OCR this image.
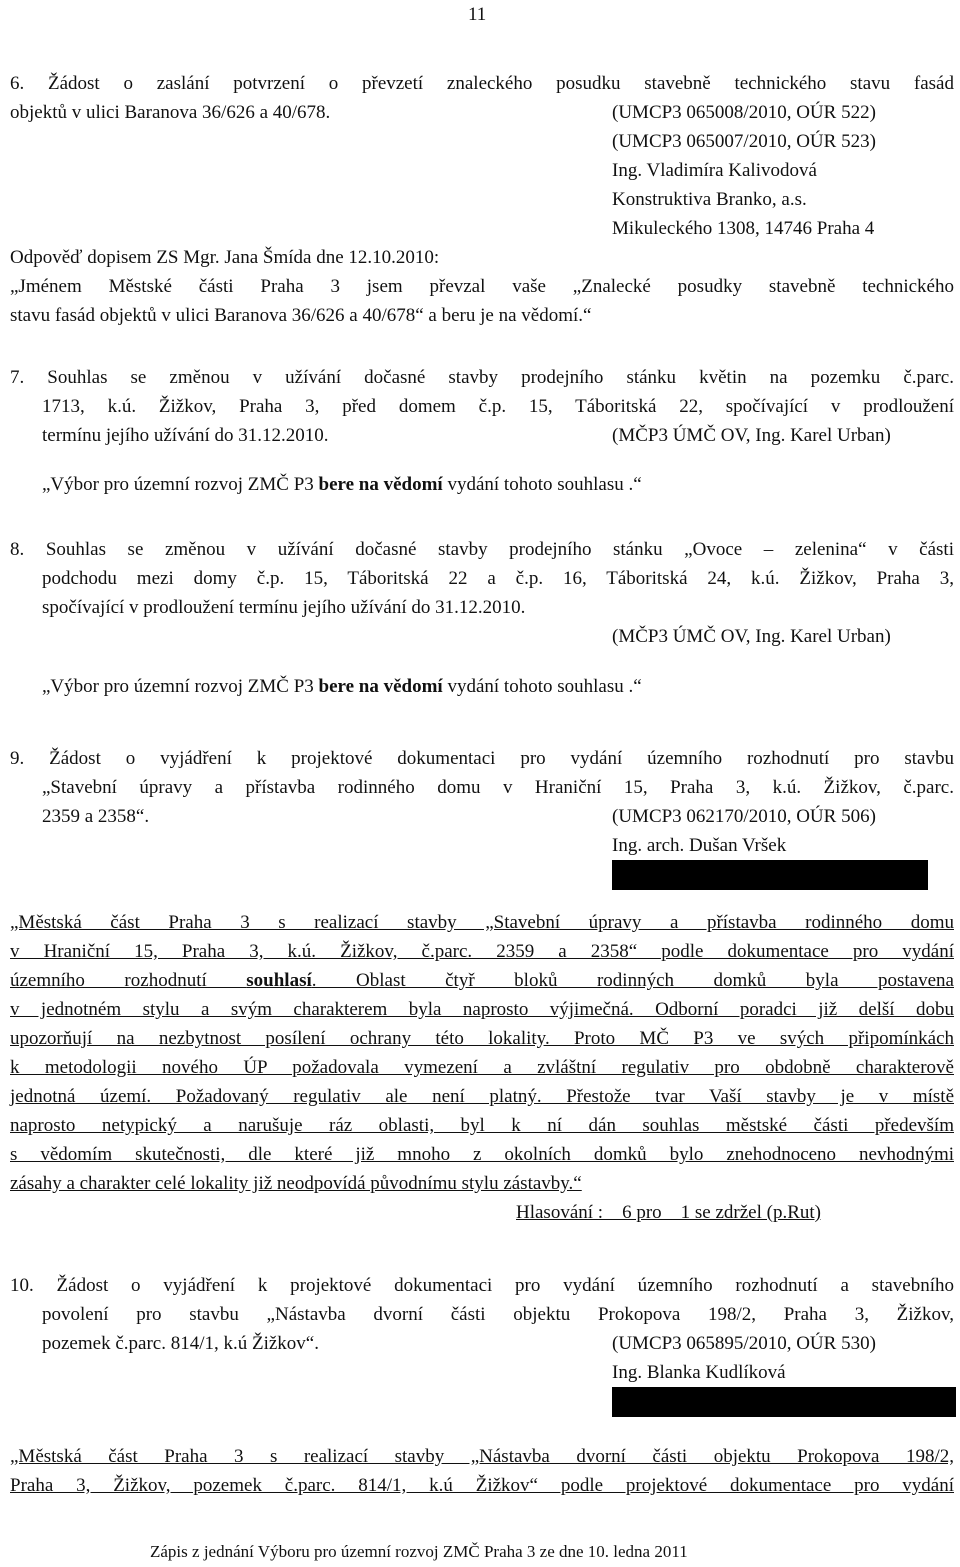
11
6. Žádost o zaslání potvrzení o převzetí znaleckého posudku stavebně technického stavu fasád
objektů v ulici Baranova 36/626 a 40/678.	(UMCP3 065008/2010, OÚR 522)
(UMCP3 065007/2010, OÚR 523)
Ing. Vladimíra Kalivodová
Konstruktiva Branko, a.s.
Mikuleckého 1308, 14746 Praha 4
Odpověď dopisem ZS Mgr. Jana Šmída dne 12.10.2010:
„Jménem Městské části Praha 3 jsem převzal vaše „Znalecké posudky stavebně technického
stavu fasád objektů v ulici Baranova 36/626 a 40/678“ a beru je na vědomí.“
7. Souhlas se změnou v užívání dočasné stavby prodejního stánku květin na pozemku č.parc.
1713, k.ú. Žižkov, Praha 3, před domem č.p. 15, Táboritská 22, spočívající v prodloužení
termínu jejího užívání do 31.12.2010.	(MČP3 ÚMČ OV, Ing. Karel Urban)
„Výbor pro územní rozvoj ZMČ P3 bere na vědomí vydání tohoto souhlasu .“
8. Souhlas se změnou v užívání dočasné stavby prodejního stánku „Ovoce – zelenina“ v části
podchodu mezi domy č.p. 15, Táboritská 22 a č.p. 16, Táboritská 24, k.ú. Žižkov, Praha 3,
spočívající v prodloužení termínu jejího užívání do 31.12.2010.
(MČP3 ÚMČ OV, Ing. Karel Urban)
„Výbor pro územní rozvoj ZMČ P3 bere na vědomí vydání tohoto souhlasu .“
9. Žádost o vyjádření k projektové dokumentaci pro vydání územního rozhodnutí pro stavbu
„Stavební úpravy a přístavba rodinného domu v Hraniční 15, Praha 3, k.ú. Žižkov, č.parc.
2359 a 2358“.	(UMCP3 062170/2010, OÚR 506)
Ing. arch. Dušan Vršek
„Městská část Praha 3 s realizací stavby „Stavební úpravy a přístavba rodinného domu
v Hraniční 15, Praha 3, k.ú. Žižkov, č.parc. 2359 a 2358“ podle dokumentace pro vydání
územního rozhodnutí souhlasí. Oblast čtyř bloků rodinných domků byla postavena
v jednotném stylu a svým charakterem byla naprosto výjimečná. Odborní poradci již delší dobu
upozorňují na nezbytnost posílení ochrany této lokality. Proto MČ P3 ve svých připomínkách
k metodologii nového ÚP požadovala vymezení a zvláštní regulativ pro obdobně charakterově
jednotná území. Požadovaný regulativ ale není platný. Přestože tvar Vaší stavby je v místě
naprosto netypický a narušuje ráz oblasti, byl k ní dán souhlas městské části především
s vědomím skutečnosti, dle které již mnoho z okolních domků bylo znehodnoceno nevhodnými
zásahy a charakter celé lokality již neodpovídá původnímu stylu zástavby.“
Hlasování :    6 pro    1 se zdržel (p.Rut)
10. Žádost o vyjádření k projektové dokumentaci pro vydání územního rozhodnutí a stavebního
povolení pro stavbu „Nástavba dvorní části objektu Prokopova 198/2, Praha 3, Žižkov,
pozemek č.parc. 814/1, k.ú Žižkov“.	(UMCP3 065895/2010, OÚR 530)
Ing. Blanka Kudlíková
„Městská část Praha 3 s realizací stavby „Nástavba dvorní části objektu Prokopova 198/2,
Praha 3, Žižkov, pozemek č.parc. 814/1, k.ú Žižkov“ podle projektové dokumentace pro vydání
Zápis z jednání Výboru pro územní rozvoj ZMČ Praha 3 ze dne 10. ledna 2011
